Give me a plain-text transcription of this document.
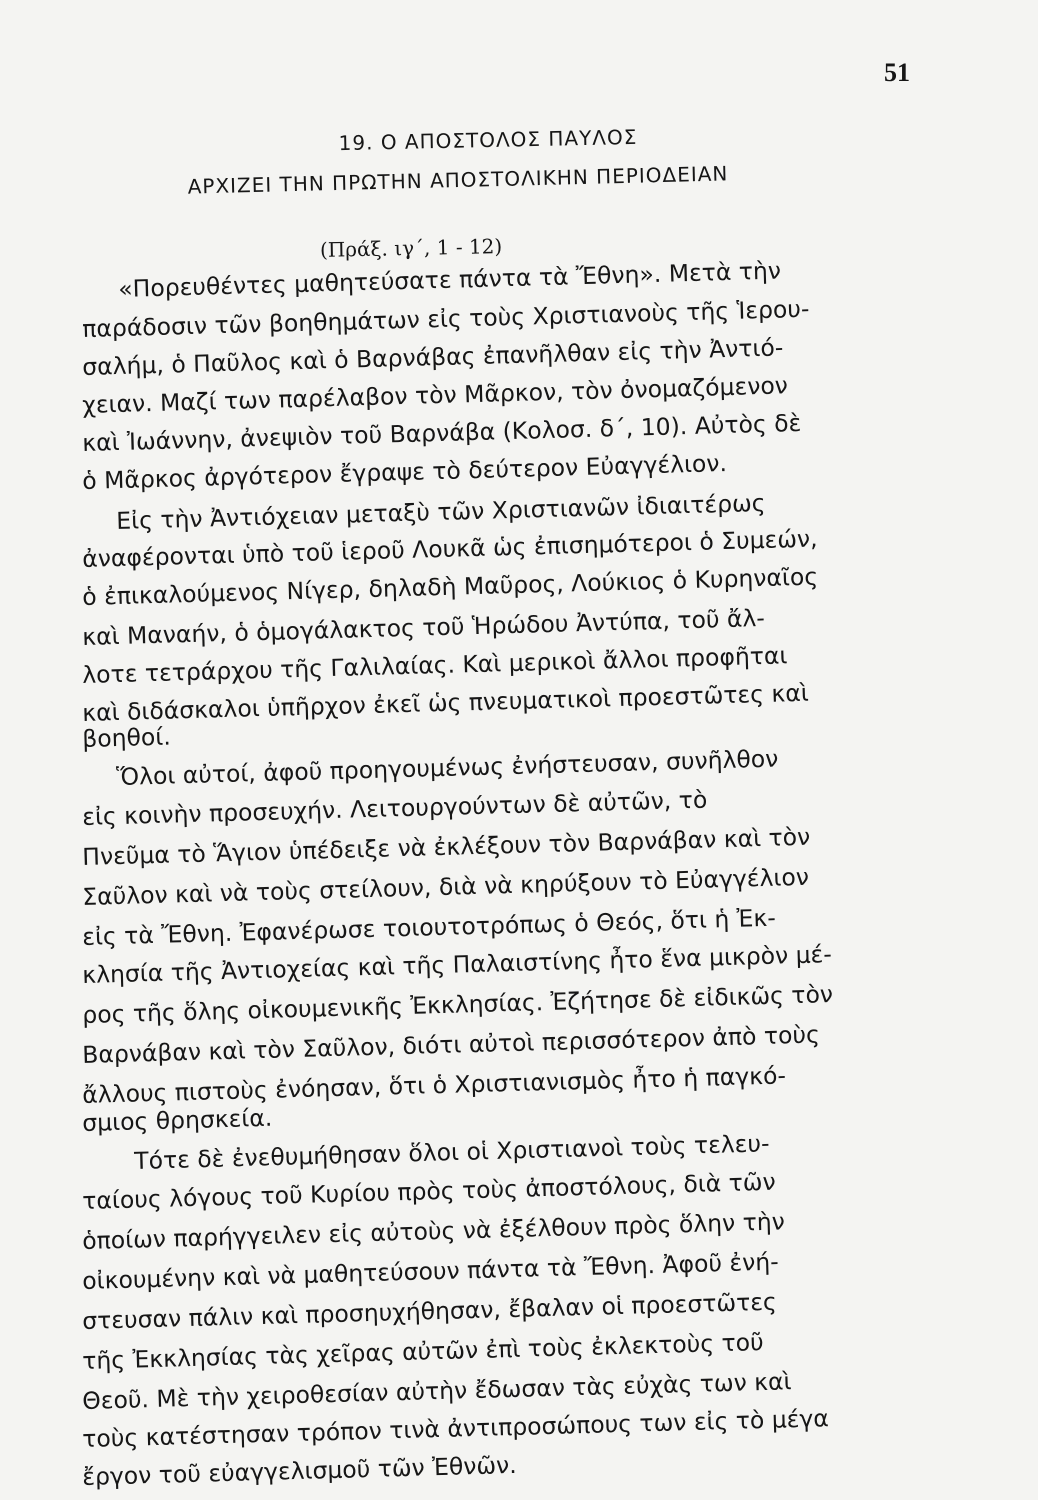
51
19. Ο ΑΠΟΣΤΟΛΟΣ ΠΑΥΛΟΣ
ΑΡΧΙΖΕΙ ΤΗΝ ΠΡΩΤΗΝ ΑΠΟΣΤΟΛΙΚΗΝ ΠΕΡΙΟΔΕΙΑΝ
(Πράξ. ιγ΄, 1 - 12)
«Πορευθέντες μαθητεύσατε πάντα τὰ Ἔθνη». Μετὰ τὴν
παράδοσιν τῶν βοηθημάτων εἰς τοὺς Χριστιανοὺς τῆς Ἱερου-
σαλήμ, ὁ Παῦλος καὶ ὁ Βαρνάβας ἐπανῆλθαν εἰς τὴν Ἀντιό-
χειαν. Μαζί των παρέλαβον τὸν Μᾶρκον, τὸν ὀνομαζόμενον
καὶ Ἰωάννην, ἀνεψιὸν τοῦ Βαρνάβα (Κολοσ. δ΄, 10). Αὐτὸς δὲ
ὁ Μᾶρκος ἀργότερον ἔγραψε τὸ δεύτερον Εὐαγγέλιον.
Εἰς τὴν Ἀντιόχειαν μεταξὺ τῶν Χριστιανῶν ἰδιαιτέρως
ἀναφέρονται ὑπὸ τοῦ ἱεροῦ Λουκᾶ ὡς ἐπισημότεροι ὁ Συμεών,
ὁ ἐπικαλούμενος Νίγερ, δηλαδὴ Μαῦρος, Λούκιος ὁ Κυρηναῖος
καὶ Μαναήν, ὁ ὁμογάλακτος τοῦ Ἡρώδου Ἀντύπα, τοῦ ἄλ-
λοτε τετράρχου τῆς Γαλιλαίας. Καὶ μερικοὶ ἄλλοι προφῆται
καὶ διδάσκαλοι ὑπῆρχον ἐκεῖ ὡς πνευματικοὶ προεστῶτες καὶ
βοηθοί.
Ὅλοι αὐτοί, ἀφοῦ προηγουμένως ἐνήστευσαν, συνῆλθον
εἰς κοινὴν προσευχήν. Λειτουργούντων δὲ αὐτῶν, τὸ
Πνεῦμα τὸ Ἅγιον ὑπέδειξε νὰ ἐκλέξουν τὸν Βαρνάβαν καὶ τὸν
Σαῦλον καὶ νὰ τοὺς στείλουν, διὰ νὰ κηρύξουν τὸ Εὐαγγέλιον
εἰς τὰ Ἔθνη. Ἐφανέρωσε τοιουτοτρόπως ὁ Θεός, ὅτι ἡ Ἐκ-
κλησία τῆς Ἀντιοχείας καὶ τῆς Παλαιστίνης ἦτο ἕνα μικρὸν μέ-
ρος τῆς ὅλης οἰκουμενικῆς Ἐκκλησίας. Ἐζήτησε δὲ εἰδικῶς τὸν
Βαρνάβαν καὶ τὸν Σαῦλον, διότι αὐτοὶ περισσότερον ἀπὸ τοὺς
ἄλλους πιστοὺς ἐνόησαν, ὅτι ὁ Χριστιανισμὸς ἦτο ἡ παγκό-
σμιος θρησκεία.
Τότε δὲ ἐνεθυμήθησαν ὅλοι οἱ Χριστιανοὶ τοὺς τελευ-
ταίους λόγους τοῦ Κυρίου πρὸς τοὺς ἀποστόλους, διὰ τῶν
ὁποίων παρήγγειλεν εἰς αὐτοὺς νὰ ἐξέλθουν πρὸς ὅλην τὴν
οἰκουμένην καὶ νὰ μαθητεύσουν πάντα τὰ Ἔθνη. Ἀφοῦ ἐνή-
στευσαν πάλιν καὶ προσηυχήθησαν, ἔβαλαν οἱ προεστῶτες
τῆς Ἐκκλησίας τὰς χεῖρας αὐτῶν ἐπὶ τοὺς ἐκλεκτοὺς τοῦ
Θεοῦ. Μὲ τὴν χειροθεσίαν αὐτὴν ἔδωσαν τὰς εὐχὰς των καὶ
τοὺς κατέστησαν τρόπον τινὰ ἀντιπροσώπους των εἰς τὸ μέγα
ἔργον τοῦ εὐαγγελισμοῦ τῶν Ἐθνῶν.
